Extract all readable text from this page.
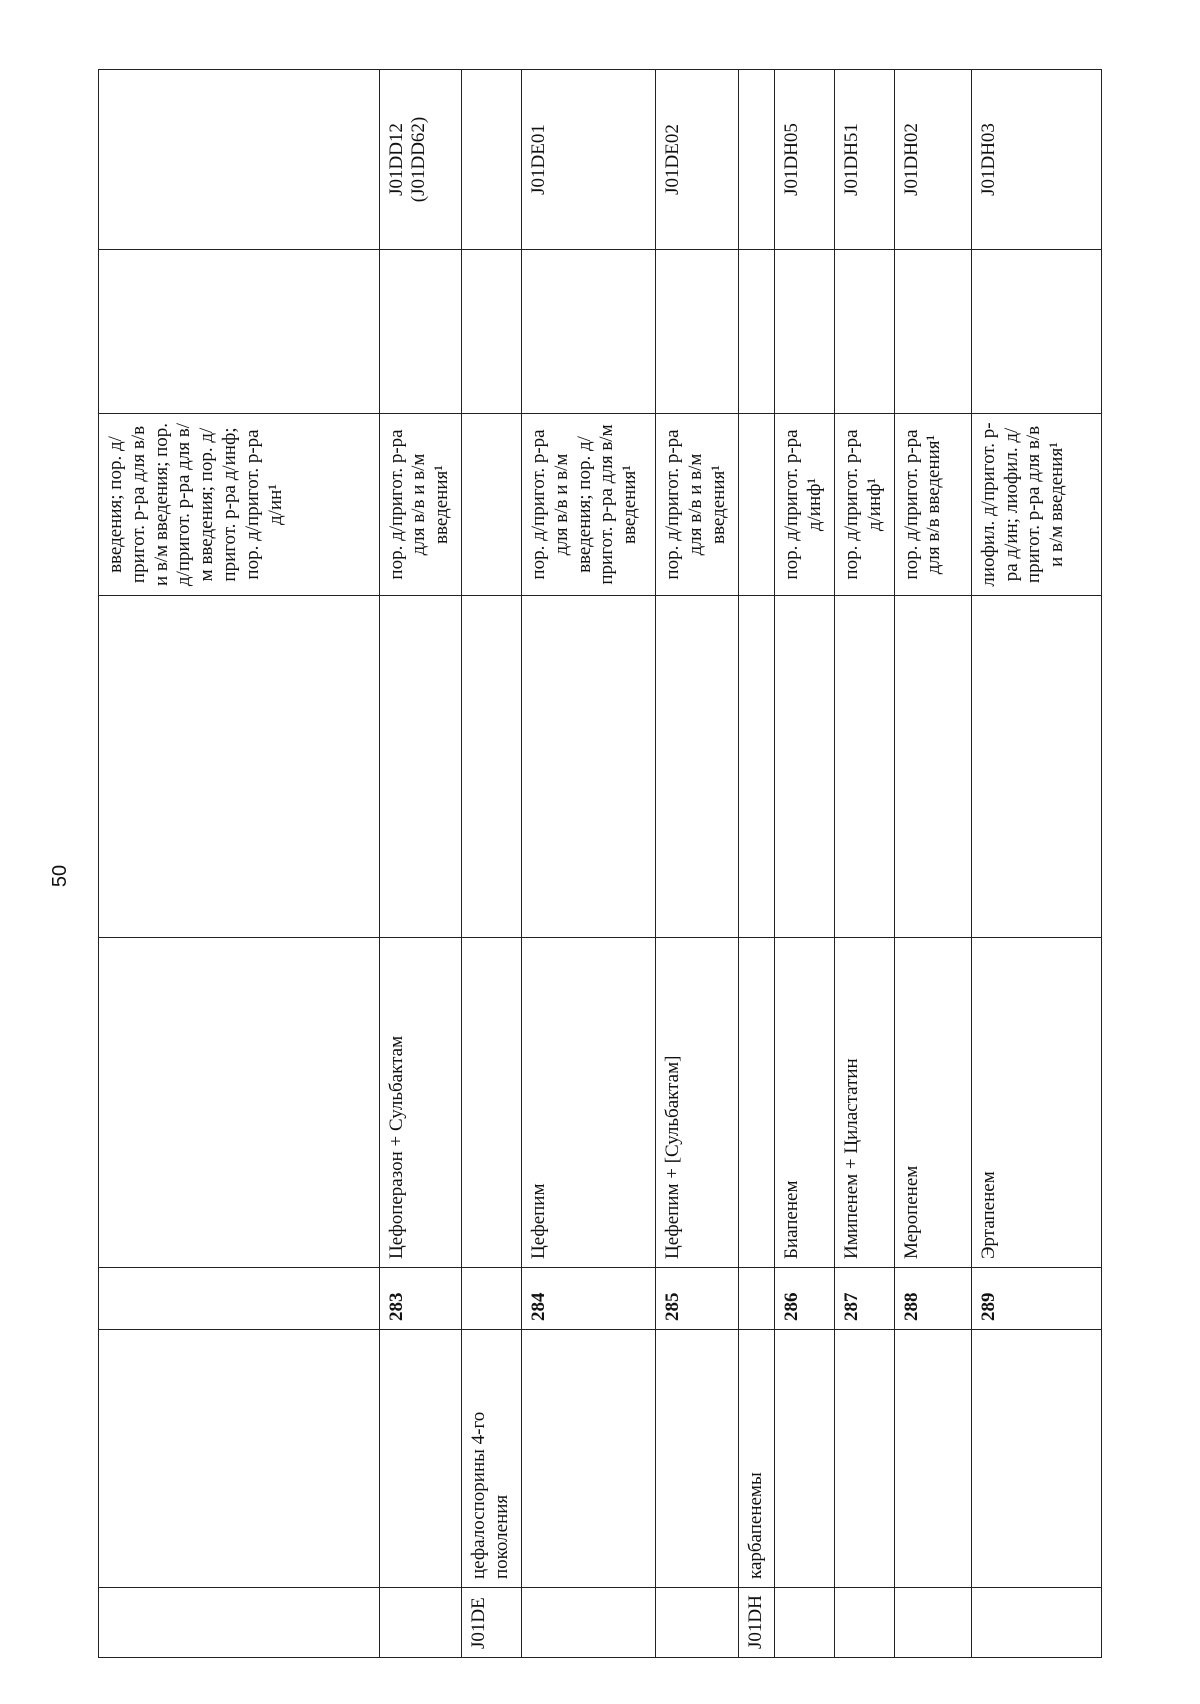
50
					введения; пор. д/пригот. р-ра для в/в и в/м введения; пор. д/пригот. р-ра для в/м введения; пор. д/пригот. р-ра д/инф; пор. д/пригот. р-ра д/ин¹		
		283	Цефоперазон + Сульбактам		пор. д/пригот. р-ра для в/в и в/м введения¹		J01DD12 (J01DD62)
J01DE	цефалоспорины 4-го поколения						
		284	Цефепим		пор. д/пригот. р-ра для в/в и в/м введения; пор. д/пригот. р-ра для в/м введения¹		J01DE01
		285	Цефепим + [Сульбактам]		пор. д/пригот. р-ра для в/в и в/м введения¹		J01DE02
J01DH	карбапенемы						
		286	Биапенем		пор. д/пригот. р-ра д/инф¹		J01DH05
		287	Имипенем + Циластатин		пор. д/пригот. р-ра д/инф¹		J01DH51
		288	Меропенем		пор. д/пригот. р-ра для в/в введения¹		J01DH02
		289	Эртапенем		лиофил. д/пригот. р-ра д/ин; лиофил. д/пригот. р-ра для в/в и в/м введения¹		J01DH03
